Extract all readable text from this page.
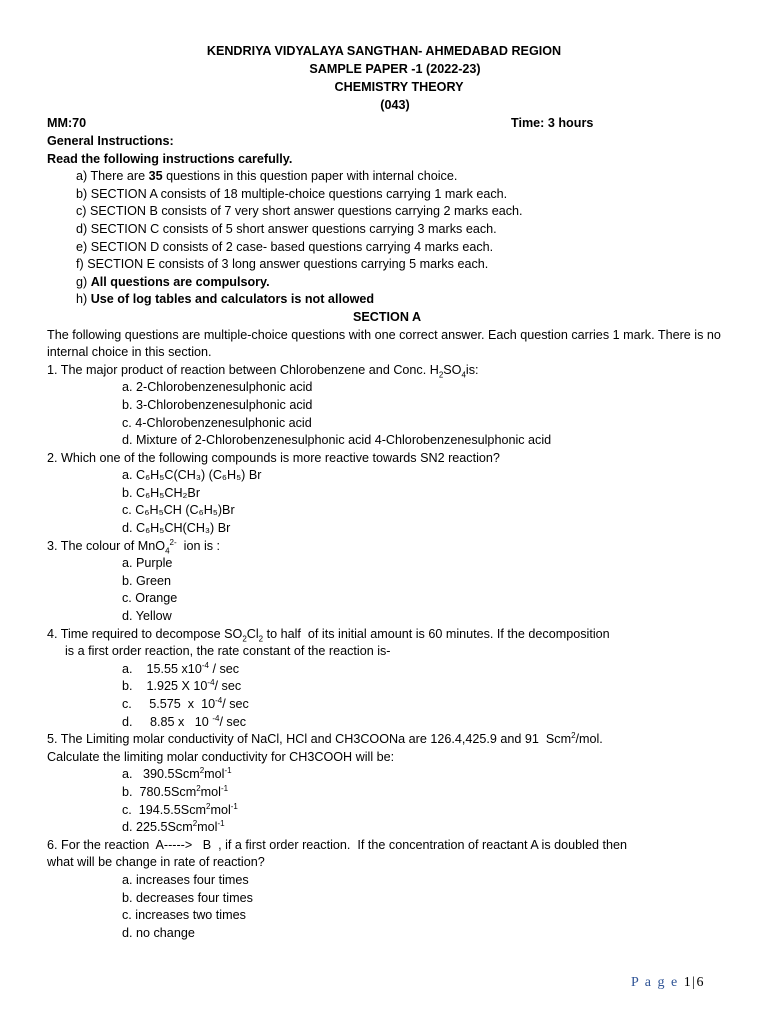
KENDRIYA VIDYALAYA SANGTHAN- AHMEDABAD REGION
SAMPLE PAPER -1 (2022-23)
CHEMISTRY THEORY
(043)
MM:70	Time: 3 hours
General Instructions:
Read the following instructions carefully.
a) There are 35 questions in this question paper with internal choice.
b) SECTION A consists of 18 multiple-choice questions carrying 1 mark each.
c) SECTION B consists of 7 very short answer questions carrying 2 marks each.
d) SECTION C consists of 5 short answer questions carrying 3 marks each.
e) SECTION D consists of 2 case- based questions carrying 4 marks each.
f) SECTION E consists of 3 long answer questions carrying 5 marks each.
g) All questions are compulsory.
h) Use of log tables and calculators is not allowed
SECTION A
The following questions are multiple-choice questions with one correct answer. Each question carries 1 mark. There is no internal choice in this section.
1. The major product of reaction between Chlorobenzene and Conc. $H_2SO_4is$:
a. 2-Chlorobenzenesulphonic acid
b. 3-Chlorobenzenesulphonic acid
c. 4-Chlorobenzenesulphonic acid
d. Mixture of 2-Chlorobenzenesulphonic acid 4-Chlorobenzenesulphonic acid
2. Which one of the following compounds is more reactive towards SN2 reaction?
a. C₆H₅C(CH₃) (C₆H₅) Br
b. C₆H₅CH₂Br
c. C₆H₅CH (C₆H₅)Br
d. C₆H₅CH(CH₃) Br
3. The colour of MnO$_4^{2-}$  ion is :
a. Purple
b. Green
c. Orange
d. Yellow
4. Time required to decompose $SO_2Cl_2$ to half  of its initial amount is 60 minutes. If the decomposition
is a first order reaction, the rate constant of the reaction is-
a.    15.55 $x10^{-4}$ / sec
b.    1.925 X $10^{-4}/$ sec
c.     5.575  x  $10^{-4}/$ sec
d.     8.85 x   10 $^{-4}$/ sec
5. The Limiting molar conductivity of NaCl, HCl and CH3COONa are 126.4,425.9 and 91  Scm$^2$/mol.
Calculate the limiting molar conductivity for CH3COOH will be:
a.   390.5Scm$^2$mol$^{-1}$
b.  780.5Scm$^2$mol$^{-1}$
c.  194.5.5Scm$^2$mol$^{-1}$
d. 225.5Scm$^2$mol$^{-1}$
6. For the reaction  A----->   B  , if a first order reaction.  If the concentration of reactant A is doubled then
what will be change in rate of reaction?
a. increases four times
b. decreases four times
c. increases two times
d. no change
P a g e 1|6
